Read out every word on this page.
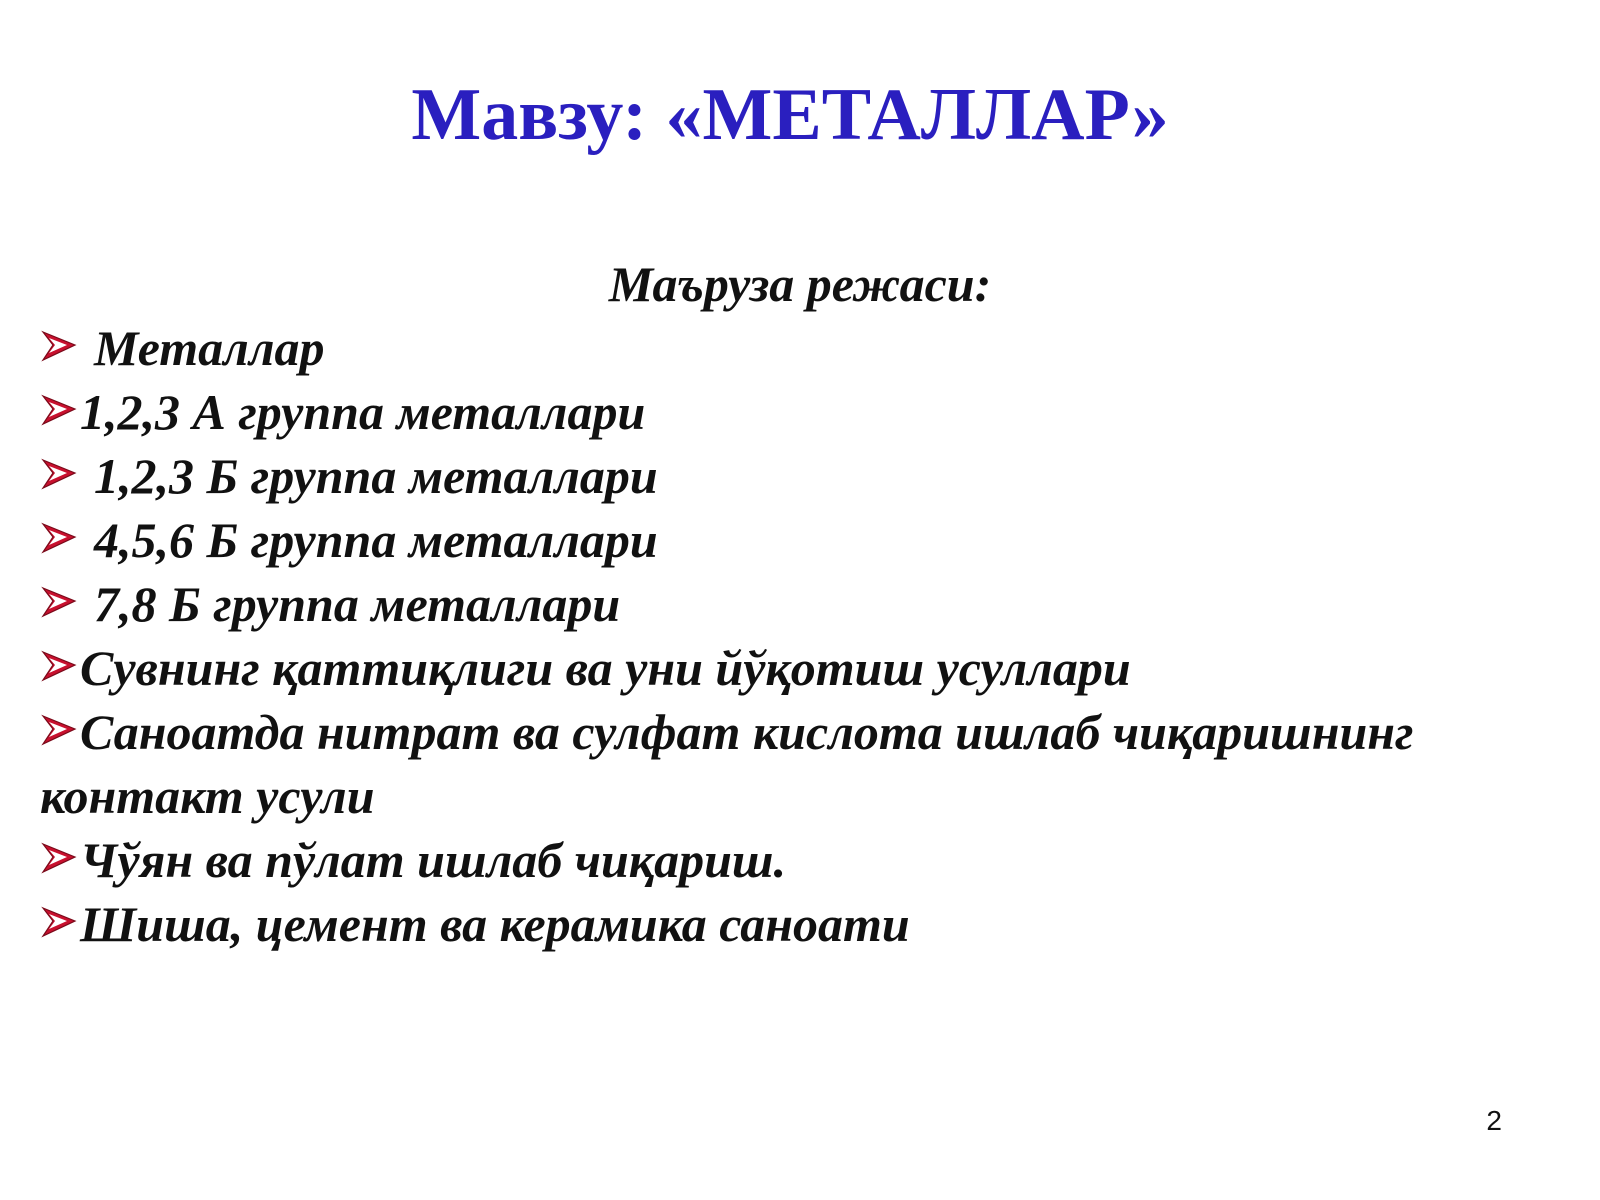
Мавзу: «МЕТАЛЛАР»
Маъруза режаси:
Металлар
1,2,3 А группа металлари
1,2,3 Б группа металлари
4,5,6 Б группа металлари
7,8 Б группа металлари
Сувнинг қаттиқлиги ва уни йўқотиш усуллари
Саноатда нитрат ва сулфат кислота ишлаб чиқаришнинг контакт усули
Чўян ва пўлат ишлаб чиқариш.
Шиша, цемент ва керамика саноати
2
